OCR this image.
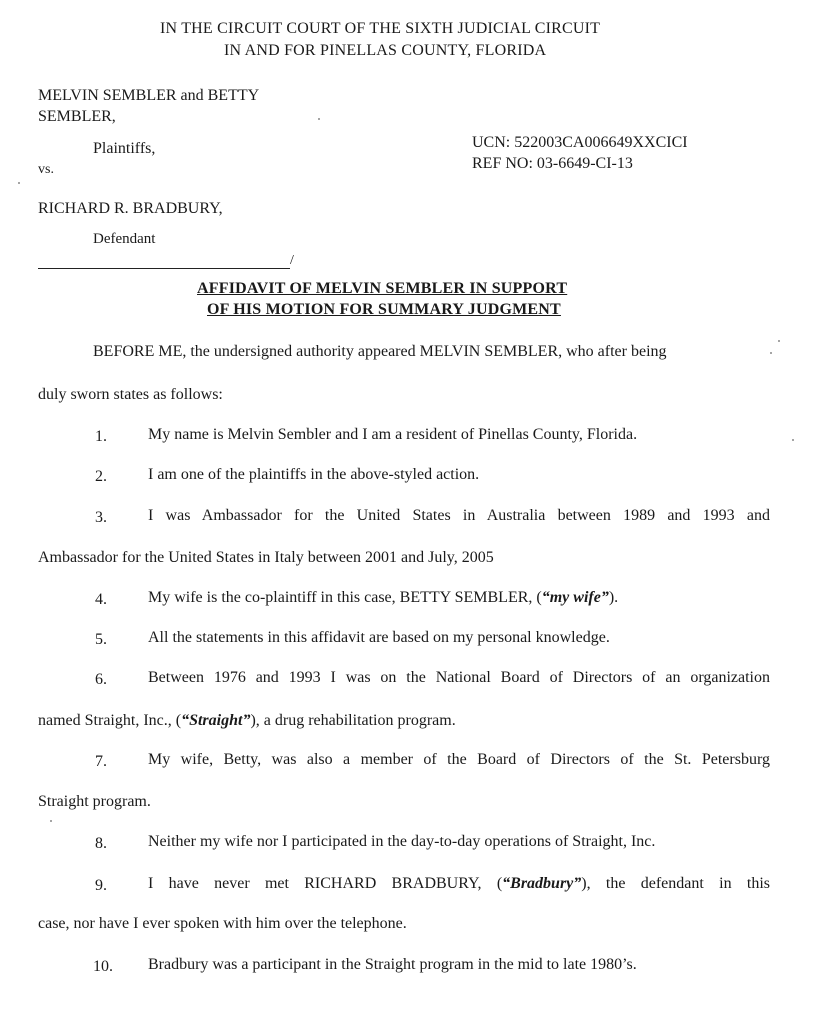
IN THE CIRCUIT COURT OF THE SIXTH JUDICIAL CIRCUIT
IN AND FOR PINELLAS COUNTY, FLORIDA
MELVIN SEMBLER and BETTY
SEMBLER,
Plaintiffs,
vs.
RICHARD R. BRADBURY,
Defendant
/
UCN: 522003CA006649XXCICI
REF NO: 03-6649-CI-13
AFFIDAVIT OF MELVIN SEMBLER IN SUPPORT
OF HIS MOTION FOR SUMMARY JUDGMENT
BEFORE ME, the undersigned authority appeared MELVIN SEMBLER, who after being
duly sworn states as follows:
1.	My name is Melvin Sembler and I am a resident of Pinellas County, Florida.
2.	I am one of the plaintiffs in the above-styled action.
3.	I was Ambassador for the United States in Australia between 1989 and 1993 and
Ambassador for the United States in Italy between 2001 and July, 2005
4.	My wife is the co-plaintiff in this case, BETTY SEMBLER, (“my wife”).
5.	All the statements in this affidavit are based on my personal knowledge.
6.	Between 1976 and 1993 I was on the National Board of Directors of an organization
named Straight, Inc., (“Straight”), a drug rehabilitation program.
7.	My wife, Betty, was also a member of the Board of Directors of the St. Petersburg
Straight program.
8.	Neither my wife nor I participated in the day-to-day operations of Straight, Inc.
9.	I have never met RICHARD BRADBURY, (“Bradbury”), the defendant in this
case, nor have I ever spoken with him over the telephone.
10. Bradbury was a participant in the Straight program in the mid to late 1980’s.
